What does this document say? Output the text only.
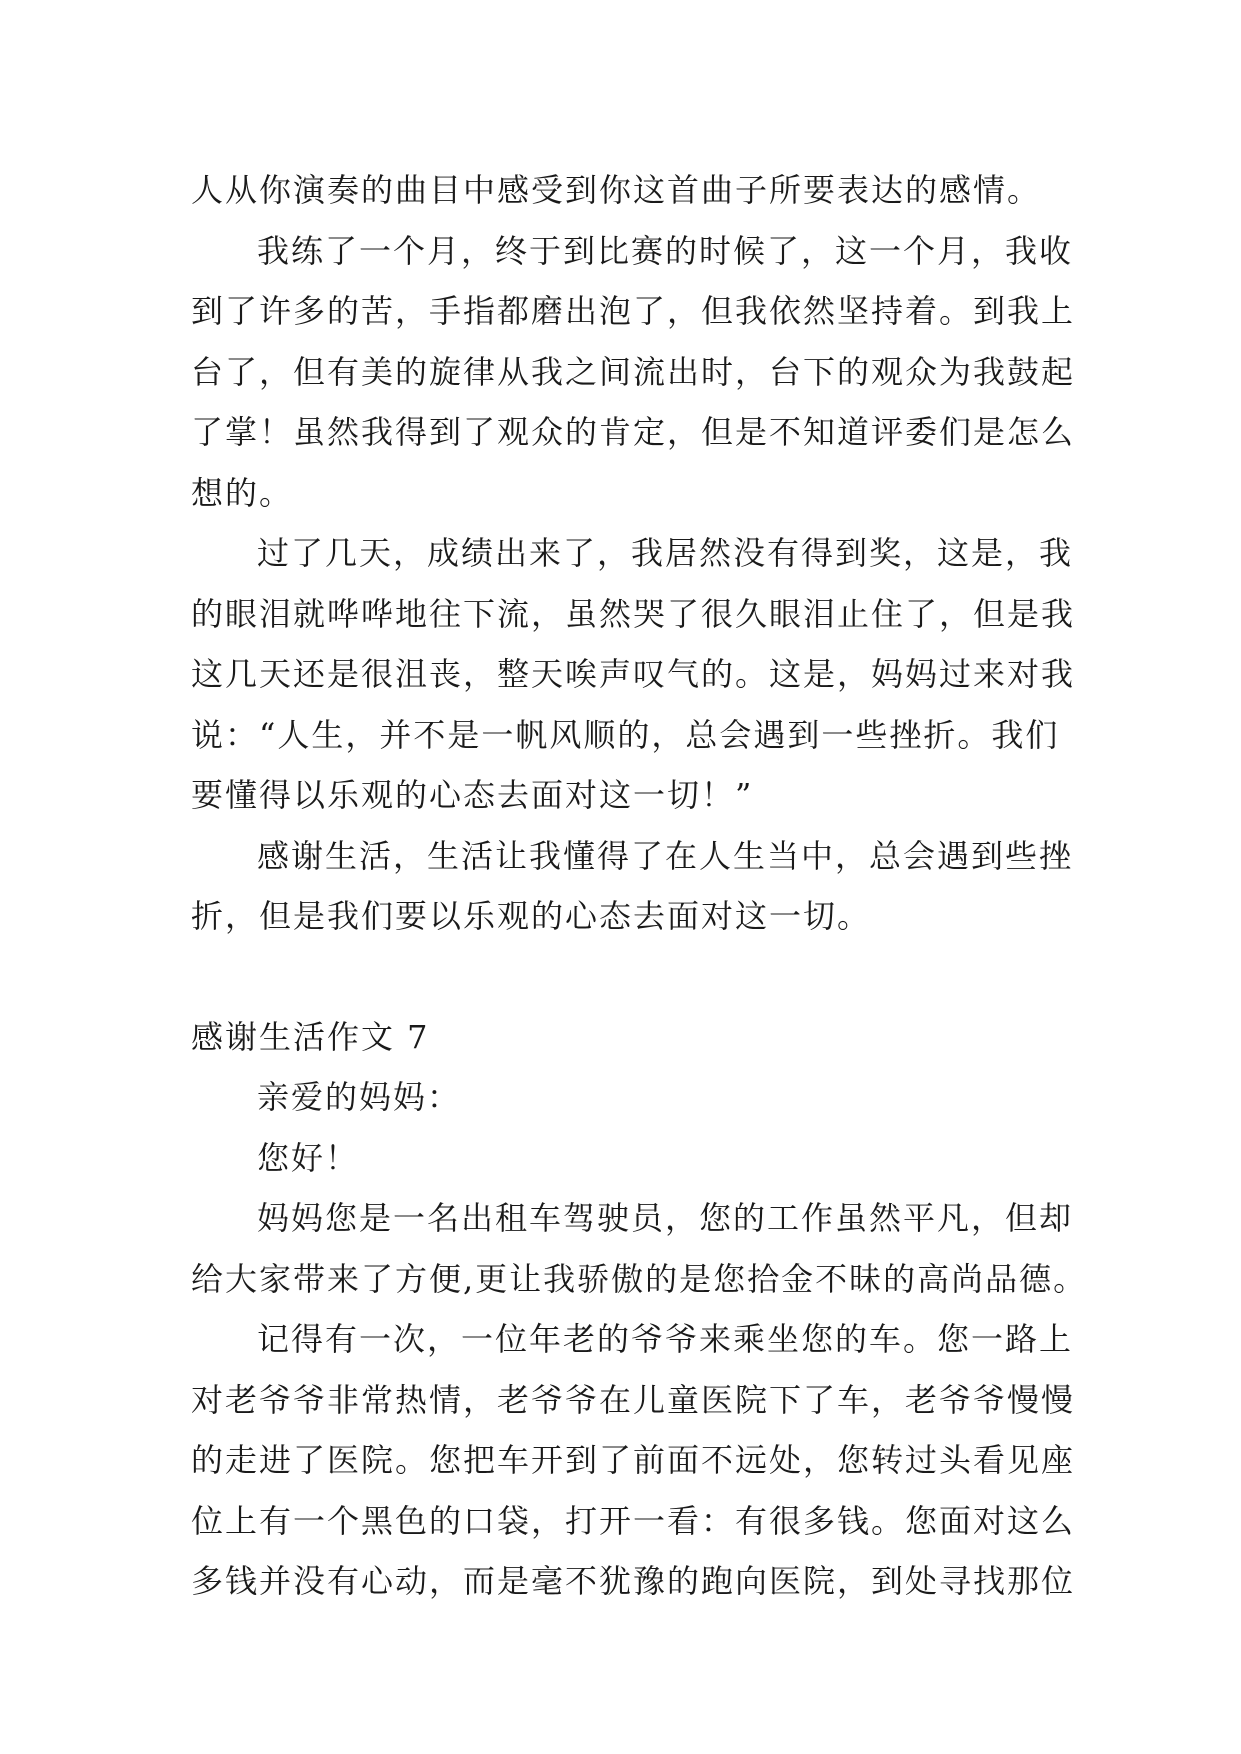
人从你演奏的曲目中感受到你这首曲子所要表达的感情。

我练了一个月，终于到比赛的时候了，这一个月，我收
到了许多的苦，手指都磨出泡了，但我依然坚持着。到我上
台了，但有美的旋律从我之间流出时，台下的观众为我鼓起
了掌！虽然我得到了观众的肯定，但是不知道评委们是怎么
想的。

过了几天，成绩出来了，我居然没有得到奖，这是，我
的眼泪就哗哗地往下流，虽然哭了很久眼泪止住了，但是我
这几天还是很沮丧，整天唉声叹气的。这是，妈妈过来对我
说：“人生，并不是一帆风顺的，总会遇到一些挫折。我们
要懂得以乐观的心态去面对这一切！”

感谢生活，生活让我懂得了在人生当中，总会遇到些挫
折，但是我们要以乐观的心态去面对这一切。

感谢生活作文 7

亲爱的妈妈：

您好！

妈妈您是一名出租车驾驶员，您的工作虽然平凡，但却
给大家带来了方便,更让我骄傲的是您拾金不昧的高尚品德。

记得有一次，一位年老的爷爷来乘坐您的车。您一路上
对老爷爷非常热情，老爷爷在儿童医院下了车，老爷爷慢慢
的走进了医院。您把车开到了前面不远处，您转过头看见座
位上有一个黑色的口袋，打开一看：有很多钱。您面对这么
多钱并没有心动，而是毫不犹豫的跑向医院，到处寻找那位
